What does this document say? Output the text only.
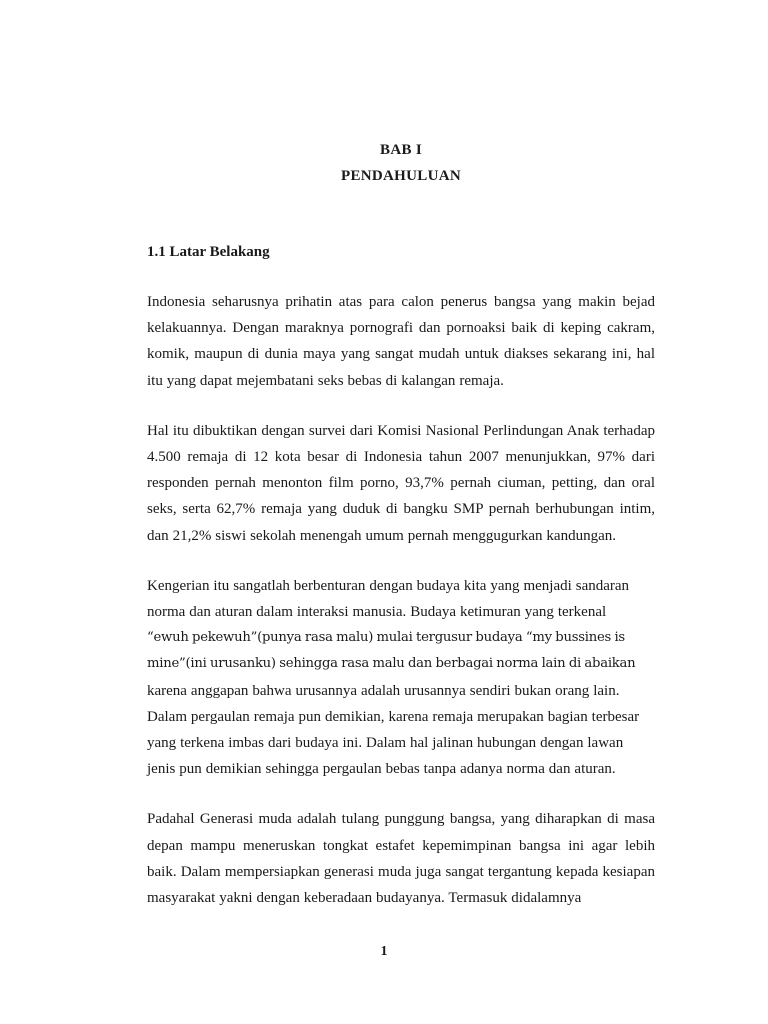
BAB I
PENDAHULUAN
1.1 Latar Belakang

Indonesia seharusnya prihatin atas para calon penerus bangsa yang makin bejad kelakuannya. Dengan maraknya pornografi dan pornoaksi baik di keping cakram, komik, maupun di dunia maya yang sangat mudah untuk diakses sekarang ini, hal itu yang dapat mejembatani seks bebas di kalangan remaja.

Hal itu dibuktikan dengan survei dari Komisi Nasional Perlindungan Anak terhadap 4.500 remaja di 12 kota besar di Indonesia tahun 2007 menunjukkan, 97% dari responden pernah menonton film porno, 93,7% pernah ciuman, petting, dan oral seks, serta 62,7% remaja yang duduk di bangku SMP pernah berhubungan intim, dan 21,2% siswi sekolah menengah umum pernah menggugurkan kandungan.

Kengerian itu sangatlah berbenturan dengan budaya kita yang menjadi sandaran
norma dan aturan dalam interaksi manusia. Budaya ketimuran yang terkenal
“ewuh pekewuh”(punya rasa malu) mulai tergusur budaya “my bussines is
mine”(ini urusanku) sehingga rasa malu dan berbagai norma lain di abaikan
karena anggapan bahwa urusannya adalah urusannya sendiri bukan orang lain.
Dalam pergaulan remaja pun demikian, karena remaja merupakan bagian terbesar
yang terkena imbas dari budaya ini. Dalam hal jalinan hubungan dengan lawan
jenis pun demikian sehingga pergaulan bebas tanpa adanya norma dan aturan.

Padahal Generasi muda adalah tulang punggung bangsa, yang diharapkan di masa depan mampu meneruskan tongkat estafet kepemimpinan bangsa ini agar lebih baik. Dalam mempersiapkan generasi muda juga sangat tergantung kepada kesiapan masyarakat yakni dengan keberadaan budayanya. Termasuk didalamnya

1
